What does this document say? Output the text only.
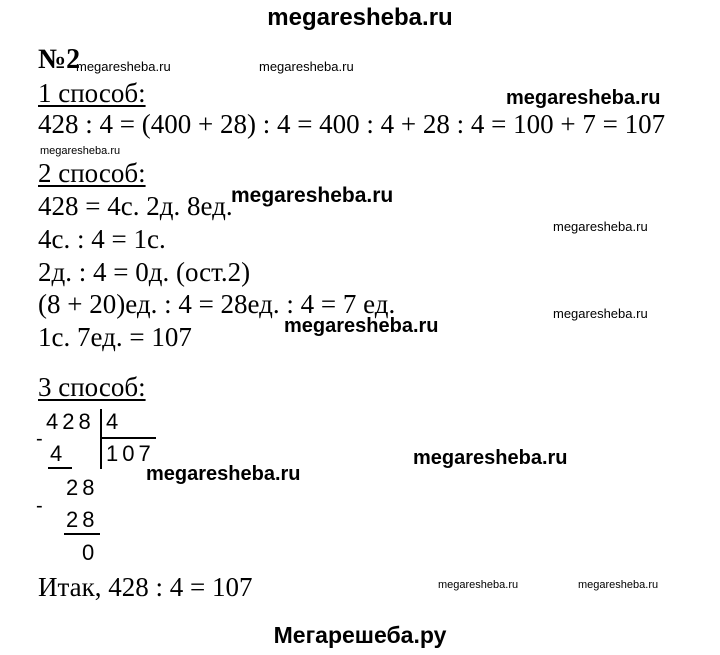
megaresheba.ru
№2
megaresheba.ru	megaresheba.ru
1 способ:	megaresheba.ru
428 : 4 = (400 + 28) : 4 = 400 : 4 + 28 : 4 = 100 + 7 = 107
megaresheba.ru
2 способ:
428 = 4с. 2д. 8ед.
megaresheba.ru
megaresheba.ru
4с. : 4 = 1с.
2д. : 4 = 0д. (ост.2)
(8 + 20)ед. : 4 = 28ед. : 4 = 7 ед.	megaresheba.ru
megaresheba.ru
1с. 7ед. = 107
3 способ:
428 4
107
-
4
28
-
28
0
megaresheba.ru
megaresheba.ru
Итак, 428 : 4 = 107	megaresheba.ru	megaresheba.ru
Мегарешеба.ру
